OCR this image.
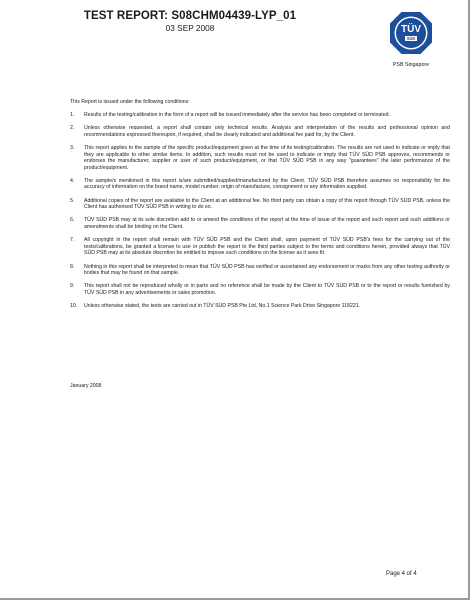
TEST REPORT: S08CHM04439-LYP_01
03 SEP 2008	TÜV
SÜD
PSB Singapore
This Report is issued under the following conditions:
1.	Results of the testing/calibration in the form of a report will be issued immediately after the service has been completed or terminated.
2.	Unless otherwise requested, a report shall contain only technical results. Analysis and interpretation of the results and professional opinion and recommendations expressed thereupon, if required, shall be clearly indicated and additional fee paid for, by the Client.
3.	This report applies to the sample of the specific product/equipment given at the time of its testing/calibration. The results are not used to indicate or imply that they are applicable to other similar items. In addition, such results must not be used to indicate or imply that TÜV SÜD PSB approves, recommends or endorses the manufacturer, supplier or user of such product/equipment, or that TÜV SÜD PSB in any way "guarantees" the later performance of the product/equipment.
4.	The sample/s mentioned in this report is/are submitted/supplied/manufactured by the Client. TÜV SÜD PSB therefore assumes no responsibility for the accuracy of information on the brand name, model number, origin of manufacture, consignment or any information supplied.
5.	Additional copies of the report are available to the Client at an additional fee. No third party can obtain a copy of this report through TÜV SÜD PSB, unless the Client has authorised TÜV SÜD PSB in writing to do so.
6.	TÜV SÜD PSB may at its sole discretion add to or amend the conditions of the report at the time of issue of the report and such report and such additions or amendments shall be binding on the Client.
7.	All copyright in the report shall remain with TÜV SÜD PSB and the Client shall, upon payment of TÜV SÜD PSB's fees for the carrying out of the tests/calibrations, be granted a license to use or publish the report to the third parties subject to the terms and conditions herein, provided always that TÜV SÜD PSB may at its absolute discretion be entitled to impose such conditions on the license as it sees fit.
8.	Nothing in this report shall be interpreted to mean that TÜV SÜD PSB has verified or ascertained any endorsement or marks from any other testing authority or bodies that may be found on that sample.
9.	This report shall not be reproduced wholly or in parts and no reference shall be made by the Client to TÜV SÜD PSB or to the report or results furnished by TÜV SÜD PSB in any advertisements or sales promotion.
10.	Unless otherwise stated, the tests are carried out in TÜV SÜD PSB Pte Ltd, No.1 Science Park Drive Singapore 118221.
January 2008
Page 4 of 4
